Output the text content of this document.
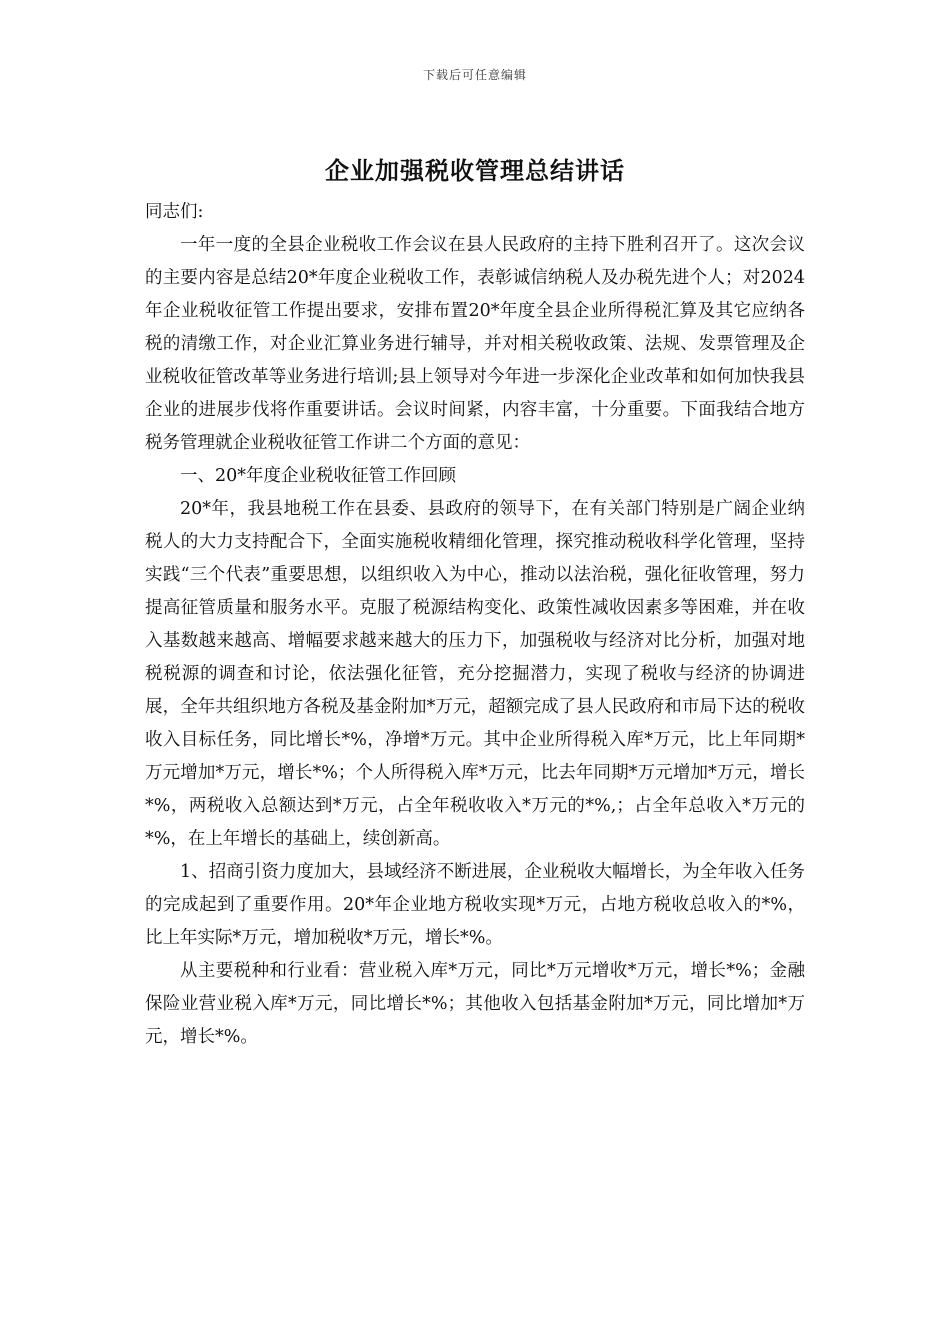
下载后可任意编辑
企业加强税收管理总结讲话

同志们:

一年一度的全县企业税收工作会议在县人民政府的主持下胜利召开了。这次会议的主要内容是总结20*年度企业税收工作，表彰诚信纳税人及办税先进个人；对2024年企业税收征管工作提出要求，安排布置20*年度全县企业所得税汇算及其它应纳各税的清缴工作，对企业汇算业务进行辅导，并对相关税收政策、法规、发票管理及企业税收征管改革等业务进行培训;县上领导对今年进一步深化企业改革和如何加快我县企业的进展步伐将作重要讲话。会议时间紧，内容丰富，十分重要。下面我结合地方税务管理就企业税收征管工作讲二个方面的意见：

一、20*年度企业税收征管工作回顾

20*年，我县地税工作在县委、县政府的领导下，在有关部门特别是广阔企业纳税人的大力支持配合下，全面实施税收精细化管理，探究推动税收科学化管理，坚持实践“三个代表”重要思想，以组织收入为中心，推动以法治税，强化征收管理，努力提高征管质量和服务水平。克服了税源结构变化、政策性减收因素多等困难，并在收入基数越来越高、增幅要求越来越大的压力下，加强税收与经济对比分析，加强对地税税源的调查和讨论，依法强化征管，充分挖掘潜力，实现了税收与经济的协调进展，全年共组织地方各税及基金附加*万元，超额完成了县人民政府和市局下达的税收收入目标任务，同比增长*%，净增*万元。其中企业所得税入库*万元，比上年同期*万元增加*万元，增长*%；个人所得税入库*万元，比去年同期*万元增加*万元，增长*%，两税收入总额达到*万元，占全年税收收入*万元的*%,；占全年总收入*万元的*%，在上年增长的基础上，续创新高。

1、招商引资力度加大，县域经济不断进展，企业税收大幅增长，为全年收入任务的完成起到了重要作用。20*年企业地方税收实现*万元，占地方税收总收入的*%，比上年实际*万元，增加税收*万元，增长*%。

从主要税种和行业看：营业税入库*万元，同比*万元增收*万元，增长*%；金融保险业营业税入库*万元，同比增长*%；其他收入包括基金附加*万元，同比增加*万元，增长*%。
